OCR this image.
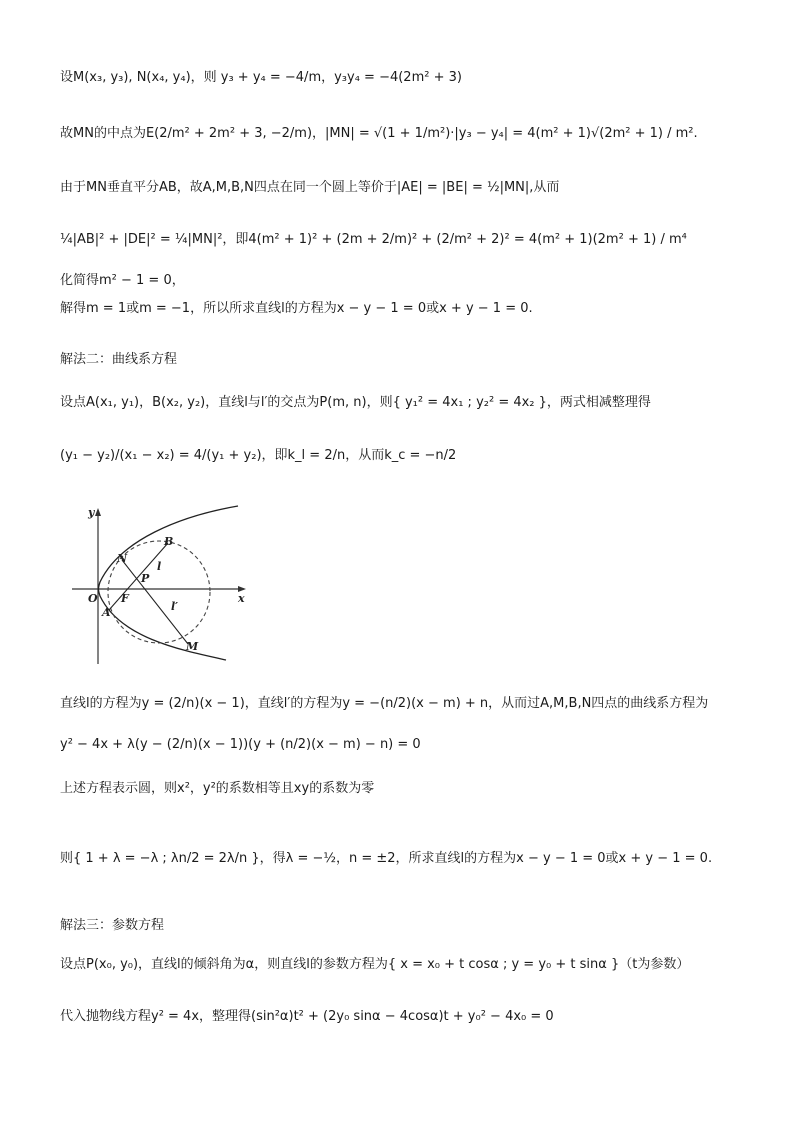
设M(x₃, y₃), N(x₄, y₄)，则 y₃ + y₄ = −4/m，y₃y₄ = −4(2m² + 3)
故MN的中点为E(2/m² + 2m² + 3, −2/m)，|MN| = √(1 + 1/m²)·|y₃ − y₄| = 4(m² + 1)√(2m² + 1) / m².
由于MN垂直平分AB，故A,M,B,N四点在同一个圆上等价于|AE| = |BE| = ½|MN|,从而
¼|AB|² + |DE|² = ¼|MN|²，即4(m² + 1)² + (2m + 2/m)² + (2/m² + 2)² = 4(m² + 1)(2m² + 1) / m⁴
化简得m² − 1 = 0，
解得m = 1或m = −1，所以所求直线l的方程为x − y − 1 = 0或x + y − 1 = 0.
解法二：曲线系方程
设点A(x₁, y₁)，B(x₂, y₂)，直线l与l′的交点为P(m, n)，则{ y₁² = 4x₁ ; y₂² = 4x₂ }，两式相减整理得
(y₁ − y₂)/(x₁ − x₂) = 4/(y₁ + y₂)，即k_l = 2/n，从而k_c = −n/2
y
x
O F
A
B
N
P
M
l
l′
直线l的方程为y = (2/n)(x − 1)，直线l′的方程为y = −(n/2)(x − m) + n，从而过A,M,B,N四点的曲线系方程为
y² − 4x + λ(y − (2/n)(x − 1))(y + (n/2)(x − m) − n) = 0
上述方程表示圆，则x²，y²的系数相等且xy的系数为零
则{ 1 + λ = −λ ; λn/2 = 2λ/n }，得λ = −½，n = ±2，所求直线l的方程为x − y − 1 = 0或x + y − 1 = 0.
解法三：参数方程
设点P(x₀, y₀)，直线l的倾斜角为α，则直线l的参数方程为{ x = x₀ + t cosα ; y = y₀ + t sinα }（t为参数）
代入抛物线方程y² = 4x，整理得(sin²α)t² + (2y₀ sinα − 4cosα)t + y₀² − 4x₀ = 0
